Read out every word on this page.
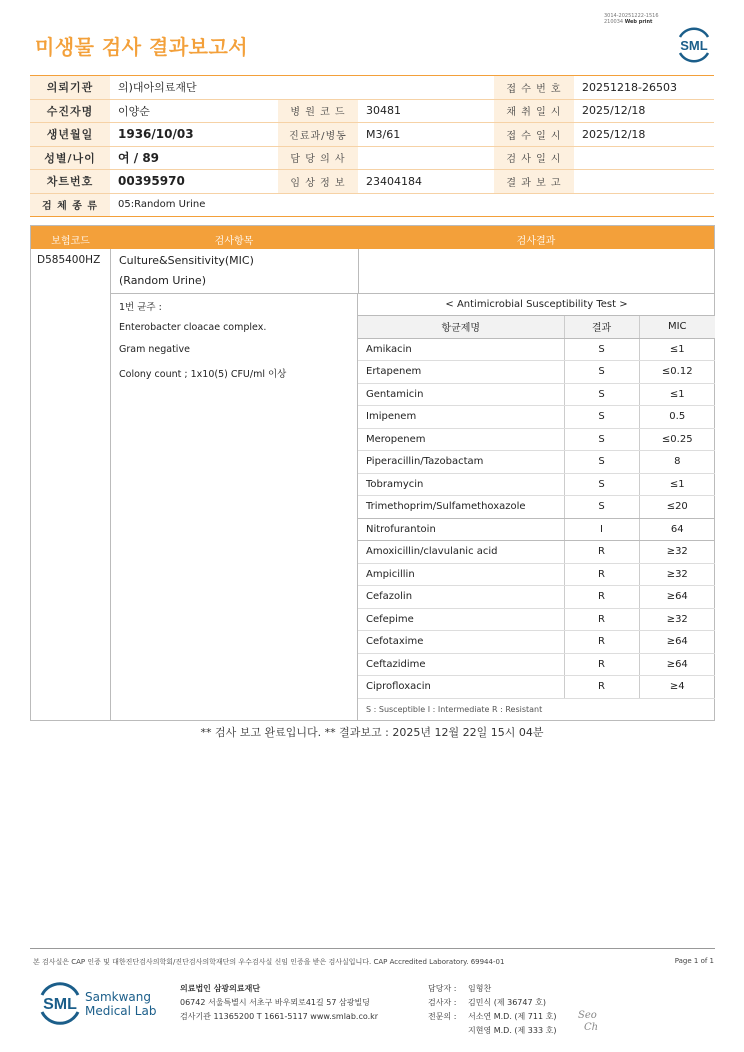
3014-20251222-1516
210034 Web print
미생물 검사 결과보고서	SML
의뢰기관	의)대아의료재단			접 수 번 호	20251218-26503
수진자명	이양순	병 원 코 드	30481	채 취 일 시	2025/12/18
생년월일	1936/10/03	진료과/병동	M3/61	접 수 일 시	2025/12/18
성별/나이	여 / 89	담 당 의 사		검 사 일 시	
차트번호	00395970	임 상 정 보	23404184	결 과 보 고	
검 체 종 류	05:Random Urine				
보험코드	검사항목	검사결과
D585400HZ Culture&Sensitivity(MIC)
(Random Urine)
1번 균주 :
Enterobacter cloacae complex.
Gram negative
Colony count ; 1x10(5) CFU/ml 이상
< Antimicrobial Susceptibility Test >		
항균제명	결과	MIC
Amikacin	S	≤1
Ertapenem	S	≤0.12
Gentamicin	S	≤1
Imipenem	S	0.5
Meropenem	S	≤0.25
Piperacillin/Tazobactam	S	8
Tobramycin	S	≤1
Trimethoprim/Sulfamethoxazole	S	≤20
Nitrofurantoin	I	64
Amoxicillin/clavulanic acid	R	≥32
Ampicillin	R	≥32
Cefazolin	R	≥64
Cefepime	R	≥32
Cefotaxime	R	≥64
Ceftazidime	R	≥64
Ciprofloxacin	R	≥4
S : Susceptible I : Intermediate R : Resistant		
** 검사 보고 완료입니다. ** 결과보고 : 2025년 12월 22일 15시 04분
본 검사실은 CAP 인증 및 대한진단검사의학회/진단검사의학재단의 우수검사실 신임 인증을 받은 검사실입니다. CAP Accredited Laboratory. 69944-01	Page 1 of 1
SML Samkwang
Medical Lab
의료법인 삼광의료재단
06742 서울특별시 서초구 바우뫼로41길 57 삼광빌딩
검사기관 11365200 T 1661-5117 www.smlab.co.kr
담당자 : 임형찬
검사자 : 김민식 (제 36747 호)
전문의 : 서소연 M.D. (제 711 호)
지현영 M.D. (제 333 호)
Seo
Ch
